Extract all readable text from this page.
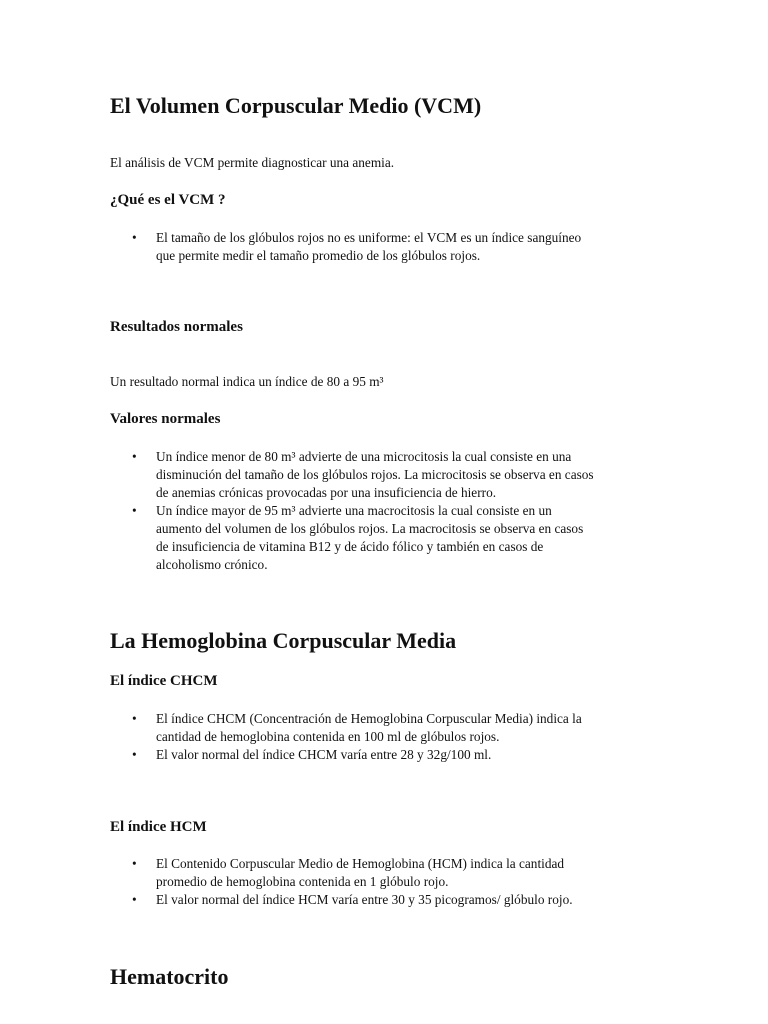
El Volumen Corpuscular Medio (VCM)
El análisis de VCM permite diagnosticar una anemia.
¿Qué es el VCM ?
• El tamaño de los glóbulos rojos no es uniforme: el VCM es un índice sanguíneo
que permite medir el tamaño promedio de los glóbulos rojos.
Resultados normales
Un resultado normal indica un índice de 80 a 95 m³
Valores normales
• Un índice menor de 80 m³ advierte de una microcitosis la cual consiste en una
disminución del tamaño de los glóbulos rojos. La microcitosis se observa en casos
de anemias crónicas provocadas por una insuficiencia de hierro.
• Un índice mayor de 95 m³ advierte una macrocitosis la cual consiste en un
aumento del volumen de los glóbulos rojos. La macrocitosis se observa en casos
de insuficiencia de vitamina B12 y de ácido fólico y también en casos de
alcoholismo crónico.
La Hemoglobina Corpuscular Media
El índice CHCM
• El índice CHCM (Concentración de Hemoglobina Corpuscular Media) indica la
cantidad de hemoglobina contenida en 100 ml de glóbulos rojos.
• El valor normal del índice CHCM varía entre 28 y 32g/100 ml.
El índice HCM
• El Contenido Corpuscular Medio de Hemoglobina (HCM) indica la cantidad
promedio de hemoglobina contenida en 1 glóbulo rojo.
• El valor normal del índice HCM varía entre 30 y 35 picogramos/ glóbulo rojo.
Hematocrito
